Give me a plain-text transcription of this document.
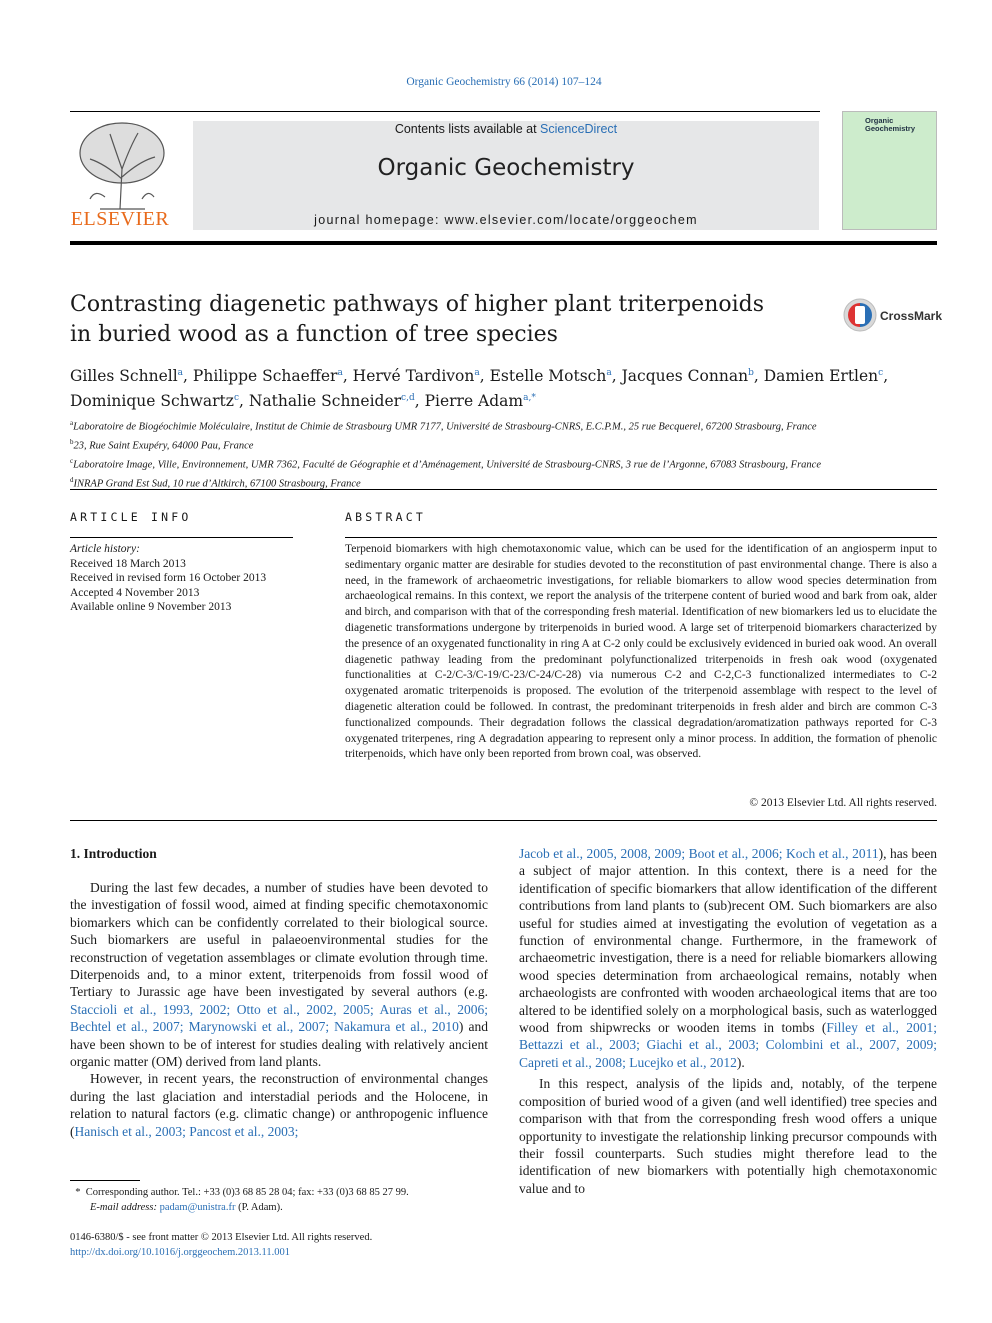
Organic Geochemistry 66 (2014) 107–124
ELSEVIER
Contents lists available at ScienceDirect
Organic Geochemistry
journal homepage: www.elsevier.com/locate/orggeochem
Organic
Geochemistry
Contrasting diagenetic pathways of higher plant triterpenoids in buried wood as a function of tree species
CrossMark
Gilles Schnell$^a$, Philippe Schaeffer$^a$, Hervé Tardivon$^a$, Estelle Motsch$^a$, Jacques Connan$^b$, Damien Ertlen$^c$,
Dominique Schwartz$^c$, Nathalie Schneider$^{c,d}$, Pierre Adam$^{a,*}$
$^a$Laboratoire de Biogéochimie Moléculaire, Institut de Chimie de Strasbourg UMR 7177, Université de Strasbourg-CNRS, E.C.P.M., 25 rue Becquerel, 67200 Strasbourg, France
$^b$23, Rue Saint Exupéry, 64000 Pau, France
$^c$Laboratoire Image, Ville, Environnement, UMR 7362, Faculté de Géographie et d’Aménagement, Université de Strasbourg-CNRS, 3 rue de l’Argonne, 67083 Strasbourg, France
$^d$INRAP Grand Est Sud, 10 rue d’Altkirch, 67100 Strasbourg, France
ARTICLE INFO
Article history:
Received 18 March 2013
Received in revised form 16 October 2013
Accepted 4 November 2013
Available online 9 November 2013
ABSTRACT
Terpenoid biomarkers with high chemotaxonomic value, which can be used for the identification of an angiosperm input to sedimentary organic matter are desirable for studies devoted to the reconstitution of past environmental change. There is also a need, in the framework of archaeometric investigations, for reliable biomarkers to allow wood species determination from archaeological remains. In this context, we report the analysis of the triterpene content of buried wood and bark from oak, alder and birch, and comparison with that of the corresponding fresh material. Identification of new biomarkers led us to elucidate the diagenetic transformations undergone by triterpenoids in buried wood. A large set of triterpenoid biomarkers characterized by the presence of an oxygenated functionality in ring A at C-2 only could be exclusively evidenced in buried oak wood. An overall diagenetic pathway leading from the predominant polyfunctionalized triterpenoids in fresh oak wood (oxygenated functionalities at C-2/C-3/C-19/C-23/C-24/C-28) via numerous C-2 and C-2,C-3 functionalized intermediates to C-2 oxygenated aromatic triterpenoids is proposed. The evolution of the triterpenoid assemblage with respect to the level of diagenetic alteration could be followed. In contrast, the predominant triterpenoids in fresh alder and birch are common C-3 functionalized compounds. Their degradation follows the classical degradation/aromatization pathways reported for C-3 oxygenated triterpenes, ring A degradation appearing to represent only a minor process. In addition, the formation of phenolic triterpenoids, which have only been reported from brown coal, was observed.
© 2013 Elsevier Ltd. All rights reserved.
1. Introduction

During the last few decades, a number of studies have been devoted to the investigation of fossil wood, aimed at finding specific chemotaxonomic biomarkers which can be confidently correlated to their biological source. Such biomarkers are useful in palaeoenvironmental studies for the reconstruction of vegetation assemblages or climate evolution through time. Diterpenoids and, to a minor extent, triterpenoids from fossil wood of Tertiary to Jurassic age have been investigated by several authors (e.g. Staccioli et al., 1993, 2002; Otto et al., 2002, 2005; Auras et al., 2006; Bechtel et al., 2007; Marynowski et al., 2007; Nakamura et al., 2010) and have been shown to be of interest for studies dealing with relatively ancient organic matter (OM) derived from land plants.

However, in recent years, the reconstruction of environmental changes during the last glaciation and interstadial periods and the Holocene, in relation to natural factors (e.g. climatic change) or anthropogenic influence (Hanisch et al., 2003; Pancost et al., 2003;

Jacob et al., 2005, 2008, 2009; Boot et al., 2006; Koch et al., 2011), has been a subject of major attention. In this context, there is a need for the identification of specific biomarkers that allow identification of the different contributions from land plants to (sub)recent OM. Such biomarkers are also useful for studies aimed at investigating the evolution of vegetation as a function of environmental change. Furthermore, in the framework of archaeometric investigation, there is a need for reliable biomarkers allowing wood species determination from archaeological remains, notably when archaeologists are confronted with wooden archaeological items that are too altered to be identified solely on a morphological basis, such as waterlogged wood from shipwrecks or wooden items in tombs (Filley et al., 2001; Bettazzi et al., 2003; Giachi et al., 2003; Colombini et al., 2007, 2009; Capreti et al., 2008; Lucejko et al., 2012).

In this respect, analysis of the lipids and, notably, of the terpene composition of buried wood of a given (and well identified) tree species and comparison with that from the corresponding fresh wood offers a unique opportunity to investigate the relationship linking precursor compounds with their fossil counterparts. Such studies might therefore lead to the identification of new biomarkers with potentially high chemotaxonomic value and to

* Corresponding author. Tel.: +33 (0)3 68 85 28 04; fax: +33 (0)3 68 85 27 99.
E-mail address: padam@unistra.fr (P. Adam).
0146-6380/$ - see front matter © 2013 Elsevier Ltd. All rights reserved.
http://dx.doi.org/10.1016/j.orggeochem.2013.11.001
